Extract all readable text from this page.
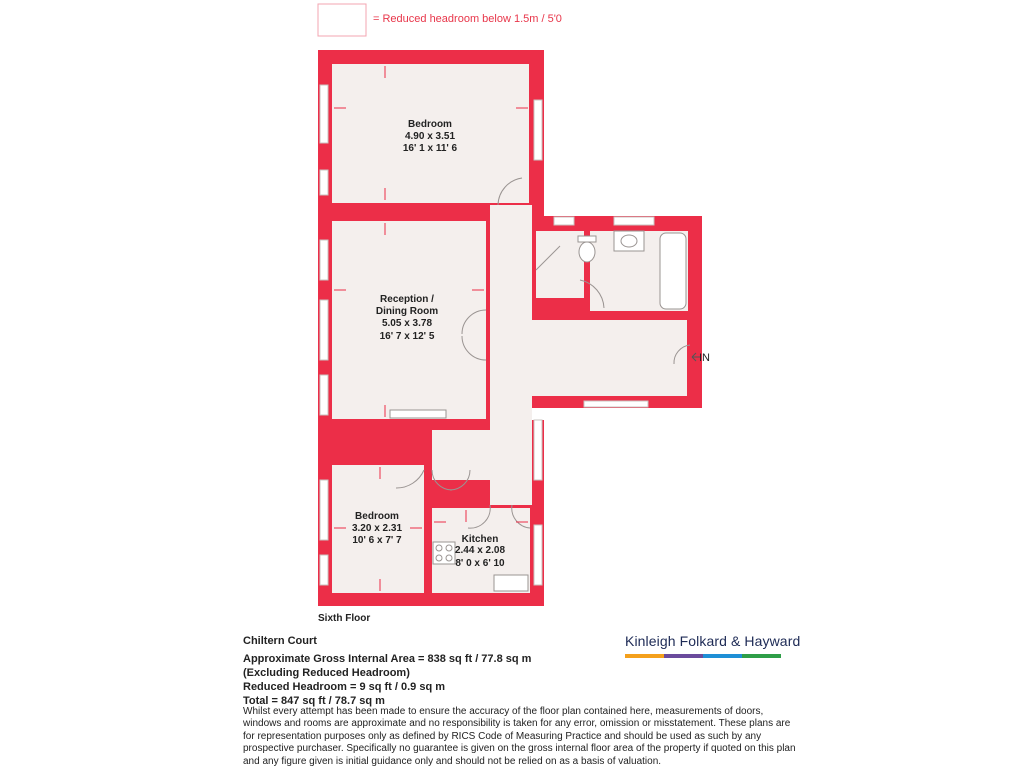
= Reduced headroom below 1.5m / 5'0
IN
Bedroom
4.90 x 3.51
16' 1 x 11' 6
Reception /
Dining Room
5.05 x 3.78
16' 7 x 12' 5
Bedroom
3.20 x 2.31
10' 6 x 7' 7	Kitchen
2.44 x 2.08
8' 0 x 6' 10
Sixth Floor
Chiltern Court
Approximate Gross Internal Area = 838 sq ft / 77.8 sq m
(Excluding Reduced Headroom)
Reduced Headroom = 9 sq ft / 0.9 sq m
Total = 847 sq ft / 78.7 sq m
Whilst every attempt has been made to ensure the accuracy of the floor plan contained here, measurements of doors, windows and rooms are approximate and no responsibility is taken for any error, omission or misstatement. These plans are for representation purposes only as defined by RICS Code of Measuring Practice and should be used as such by any prospective purchaser. Specifically no guarantee is given on the gross internal floor area of the property if quoted on this plan and any figure given is initial guidance only and should not be relied on as a basis of valuation.
Kinleigh Folkard & Hayward
